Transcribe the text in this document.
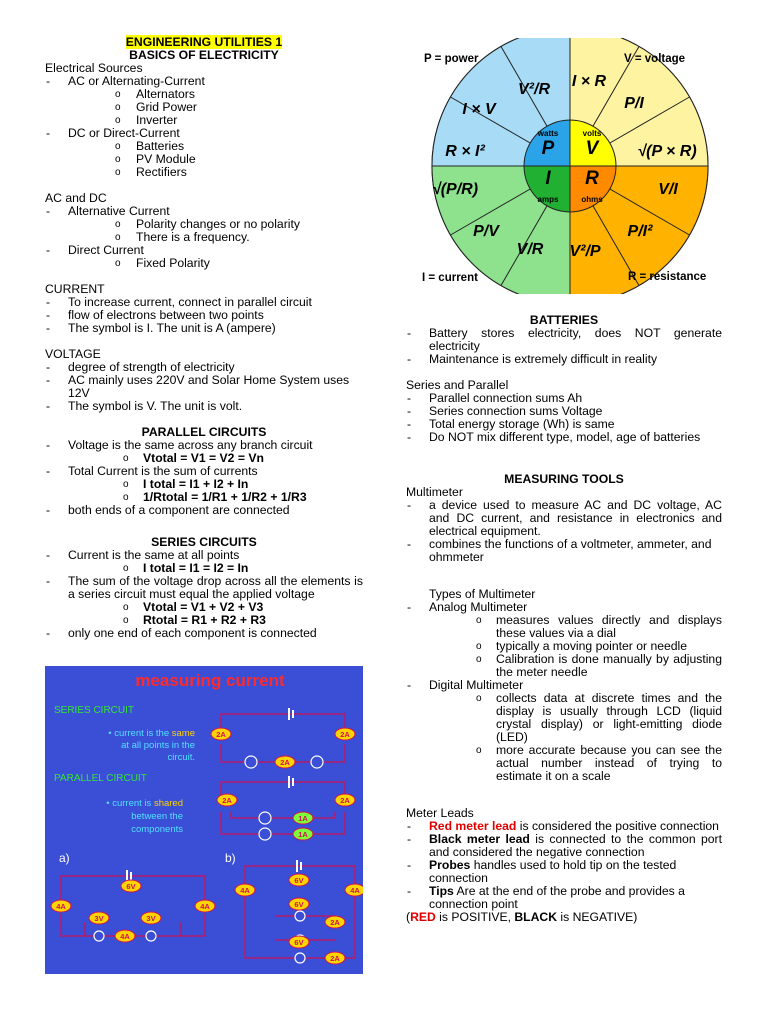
ENGINEERING UTILITIES 1

BASICS OF ELECTRICITY

Electrical Sources

- AC or Alternating-Current

o Alternators

o Grid Power

o Inverter

- DC or Direct-Current

o Batteries

o PV Module

o Rectifiers

AC and DC

- Alternative Current

o Polarity changes or no polarity

o There is a frequency.

- Direct Current

o Fixed Polarity

CURRENT

- To increase current, connect in parallel circuit

- flow of electrons between two points

- The symbol is I. The unit is A (ampere)

VOLTAGE

- degree of strength of electricity

- AC mainly uses 220V and Solar Home System uses 12V

- The symbol is V. The unit is volt.

PARALLEL CIRCUITS

- Voltage is the same across any branch circuit

o Vtotal = V1 = V2 = Vn

- Total Current is the sum of currents

o I total = I1 + I2 + In

o 1/Rtotal = 1/R1 + 1/R2 + 1/R3

- both ends of a component are connected

SERIES CIRCUITS

- Current is the same at all points

o I total = I1 = I2 = In

- The sum of the voltage drop across all the elements is a series circuit must equal the applied voltage

o Vtotal = V1 + V2 + V3

o Rtotal = R1 + R2 + R3

- only one end of each component is connected

watts
P
volts
V
amps
I
ohms
R
I × V
V²/R
R × I²
I × R
P/I
√(P × R)
√(P/R)
P/V
V/R
V/I
P/I²
V²/P
P = power	V = voltage
I = current	R = resistance
measuring current
SERIES CIRCUIT
• current is the same
at all points in the
circuit.
PARALLEL CIRCUIT
• current is shared
between the
components
a)	b)
2A	2A
2A
2A	2A
1A
1A
6V
4A	4A
3V	3V
4A
6V
4A	4A
6V
2A
6V
2A

BATTERIES

- Battery stores electricity, does NOT generate electricity

- Maintenance is extremely difficult in reality

Series and Parallel

- Parallel connection sums Ah

- Series connection sums Voltage

- Total energy storage (Wh) is same

- Do NOT mix different type, model, age of batteries

MEASURING TOOLS

Multimeter

- a device used to measure AC and DC voltage, AC and DC current, and resistance in electronics and electrical equipment.

- combines the functions of a voltmeter, ammeter, and ohmmeter

Types of Multimeter

- Analog Multimeter

o measures values directly and displays these values via a dial

o typically a moving pointer or needle

o Calibration is done manually by adjusting the meter needle

- Digital Multimeter

o collects data at discrete times and the display is usually through LCD (liquid crystal display) or light-emitting diode (LED)

o more accurate because you can see the actual number instead of trying to estimate it on a scale

Meter Leads

- Red meter lead is considered the positive connection

- Black meter lead is connected to the common port and considered the negative connection

- Probes handles used to hold tip on the tested connection

- Tips Are at the end of the probe and provides a connection point

(RED is POSITIVE, BLACK is NEGATIVE)
